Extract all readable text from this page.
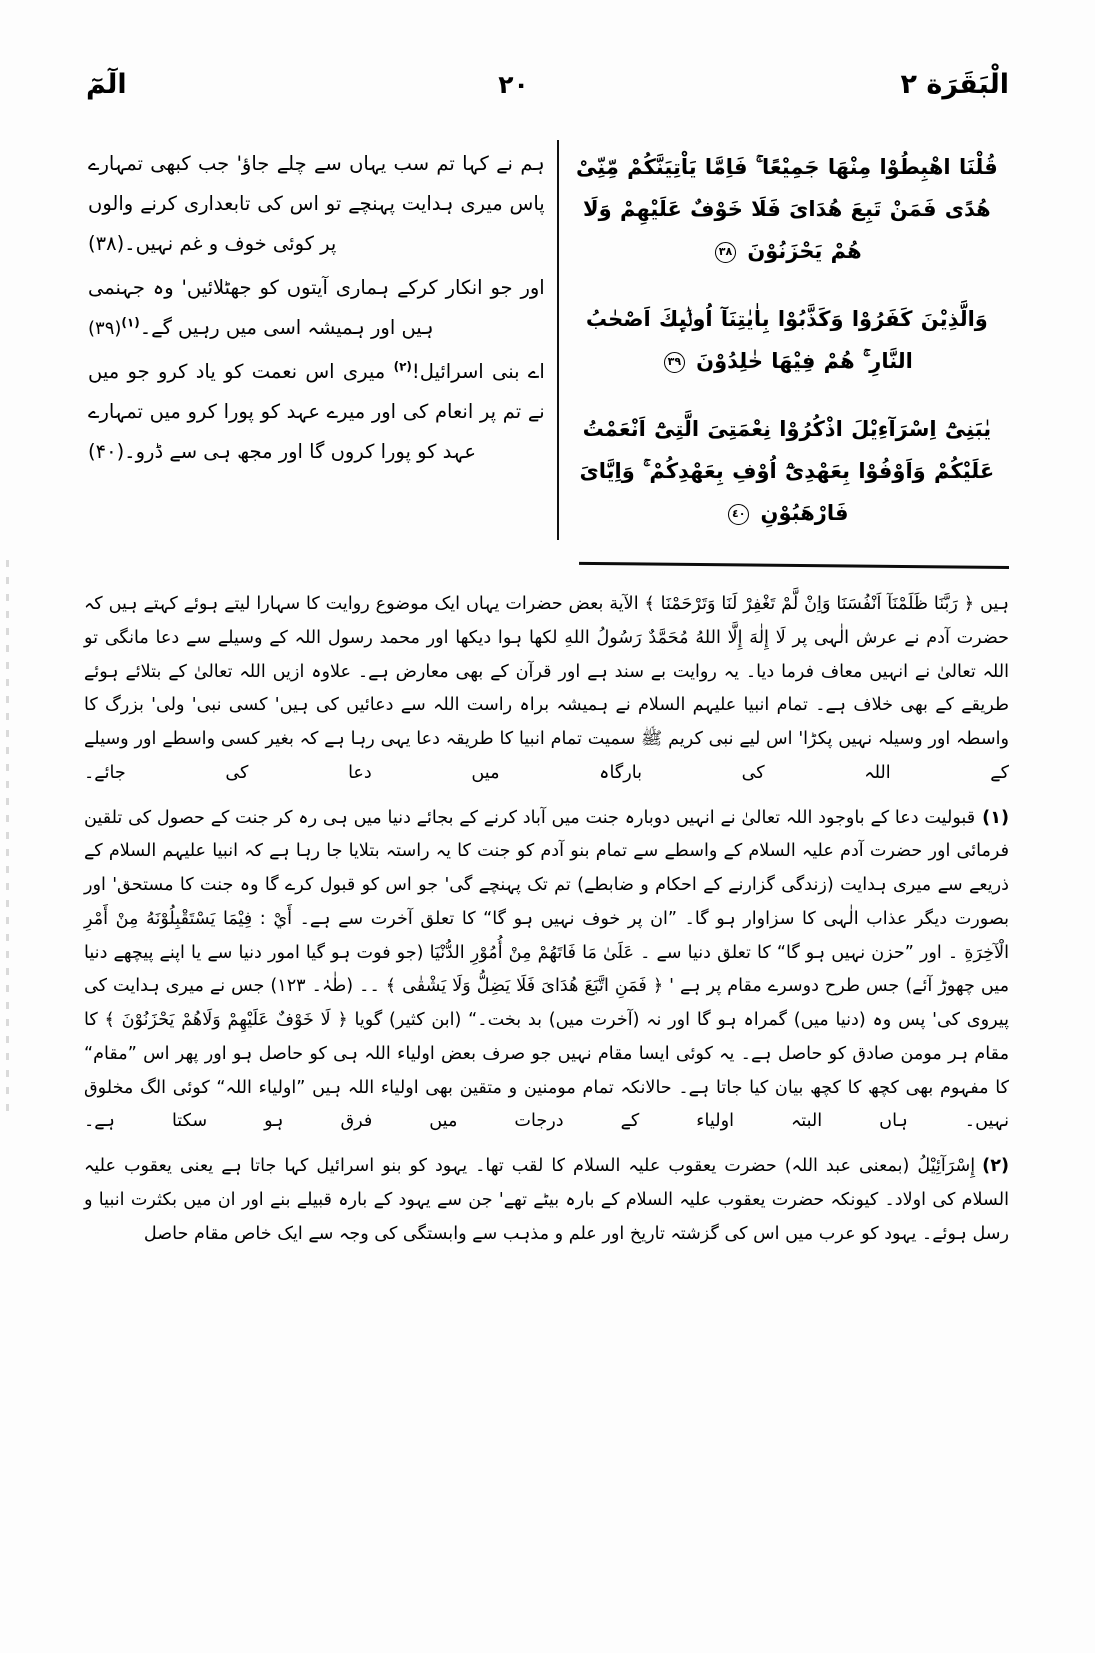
الْبَقَرَة ٢
٢٠
الٓمٓ

قُلْنَا اهْبِطُوْا مِنْهَا جَمِيْعًا ۚ فَاِمَّا يَاْتِيَنَّكُمْ مِّنِّىْ هُدًى فَمَنْ تَبِعَ هُدَاىَ فَلَا خَوْفٌ عَلَيْهِمْ وَلَا هُمْ يَحْزَنُوْنَ ٣٨

وَالَّذِيْنَ كَفَرُوْا وَكَذَّبُوْا بِاٰيٰتِنَآ اُولٰۤىِٕكَ اَصْحٰبُ النَّارِ ۚ هُمْ فِيْهَا خٰلِدُوْنَ ٣٩

يٰبَنِىْٓ اِسْرَآءِيْلَ اذْكُرُوْا نِعْمَتِىَ الَّتِىْٓ اَنْعَمْتُ عَلَيْكُمْ وَاَوْفُوْا بِعَهْدِىْٓ اُوْفِ بِعَهْدِكُمْ ۚ وَاِيَّاىَ فَارْهَبُوْنِ ٤٠

ہم نے کہا تم سب یہاں سے چلے جاؤ' جب کبھی تمہارے پاس میری ہدایت پہنچے تو اس کی تابعداری کرنے والوں پر کوئی خوف و غم نہیں۔(۳۸)

اور جو انکار کرکے ہماری آیتوں کو جھٹلائیں' وہ جہنمی ہیں اور ہمیشہ اسی میں رہیں گے۔$^{(١)}$(۳۹)

اے بنی اسرائیل!$^{(٢)}$ میری اس نعمت کو یاد کرو جو میں نے تم پر انعام کی اور میرے عہد کو پورا کرو میں تمہارے عہد کو پورا کروں گا اور مجھ ہی سے ڈرو۔(۴۰)

ہیں ﴿ رَبَّنَا ظَلَمْنَآ اَنْفُسَنَا وَاِنْ لَّمْ تَغْفِرْ لَنَا وَتَرْحَمْنَا ﴾ الآية بعض حضرات یہاں ایک موضوع روایت کا سہارا لیتے ہوئے کہتے ہیں کہ حضرت آدم نے عرش الٰہی پر لَا إِلٰهَ إِلَّا اللهُ مُحَمَّدٌ رَسُولُ اللهِ لکھا ہوا دیکھا اور محمد رسول اللہ کے وسیلے سے دعا مانگی تو اللہ تعالیٰ نے انہیں معاف فرما دیا۔ یہ روایت بے سند ہے اور قرآن کے بھی معارض ہے۔ علاوہ ازیں اللہ تعالیٰ کے بتلائے ہوئے طریقے کے بھی خلاف ہے۔ تمام انبیا علیہم السلام نے ہمیشہ براہ راست اللہ سے دعائیں کی ہیں' کسی نبی' ولی' بزرگ کا واسطہ اور وسیلہ نہیں پکڑا' اس لیے نبی کریم ﷺ سمیت تمام انبیا کا طریقہ دعا یہی رہا ہے کہ بغیر کسی واسطے اور وسیلے کے اللہ کی بارگاہ میں دعا کی جائے۔

(١)قبولیت دعا کے باوجود اللہ تعالیٰ نے انہیں دوبارہ جنت میں آباد کرنے کے بجائے دنیا میں ہی رہ کر جنت کے حصول کی تلقین فرمائی اور حضرت آدم علیہ السلام کے واسطے سے تمام بنو آدم کو جنت کا یہ راستہ بتلایا جا رہا ہے کہ انبیا علیہم السلام کے ذریعے سے میری ہدایت (زندگی گزارنے کے احکام و ضابطے) تم تک پہنچے گی' جو اس کو قبول کرے گا وہ جنت کا مستحق' اور بصورت دیگر عذاب الٰہی کا سزاوار ہو گا۔ ”ان پر خوف نہیں ہو گا“ کا تعلق آخرت سے ہے۔ أَيْ : فِيْمَا يَسْتَقْبِلُوْنَهُ مِنْ أَمْرِ الْآخِرَةِ ۔ اور ”حزن نہیں ہو گا“ کا تعلق دنیا سے ۔ عَلَىٰ مَا فَاتَهُمْ مِنْ أُمُوْرِ الدُّنْيَا (جو فوت ہو گیا امور دنیا سے یا اپنے پیچھے دنیا میں چھوڑ آئے) جس طرح دوسرے مقام پر ہے ' ﴿ فَمَنِ اتَّبَعَ هُدَاىَ فَلَا يَضِلُّ وَلَا يَشْقٰى ﴾ ۔۔ (طٰہٰ۔ ١٢٣) جس نے میری ہدایت کی پیروی کی' پس وہ (دنیا میں) گمراہ ہو گا اور نہ (آخرت میں) بد بخت۔“ (ابن کثیر) گویا ﴿ لَا خَوْفٌ عَلَيْهِمْ وَلَاهُمْ يَحْزَنُوْنَ ﴾ کا مقام ہر مومن صادق کو حاصل ہے۔ یہ کوئی ایسا مقام نہیں جو صرف بعض اولیاء اللہ ہی کو حاصل ہو اور پھر اس ”مقام“ کا مفہوم بھی کچھ کا کچھ بیان کیا جاتا ہے۔ حالانکہ تمام مومنین و متقین بھی اولیاء اللہ ہیں ”اولیاء اللہ“ کوئی الگ مخلوق نہیں۔ ہاں البتہ اولیاء کے درجات میں فرق ہو سکتا ہے۔

(٢)إِسْرَآئِيْلُ (بمعنی عبد اللہ) حضرت یعقوب علیہ السلام کا لقب تھا۔ یہود کو بنو اسرائیل کہا جاتا ہے یعنی یعقوب علیہ السلام کی اولاد۔ کیونکہ حضرت یعقوب علیہ السلام کے بارہ بیٹے تھے' جن سے یہود کے بارہ قبیلے بنے اور ان میں بکثرت انبیا و رسل ہوئے۔ یہود کو عرب میں اس کی گزشتہ تاریخ اور علم و مذہب سے وابستگی کی وجہ سے ایک خاص مقام حاصل
